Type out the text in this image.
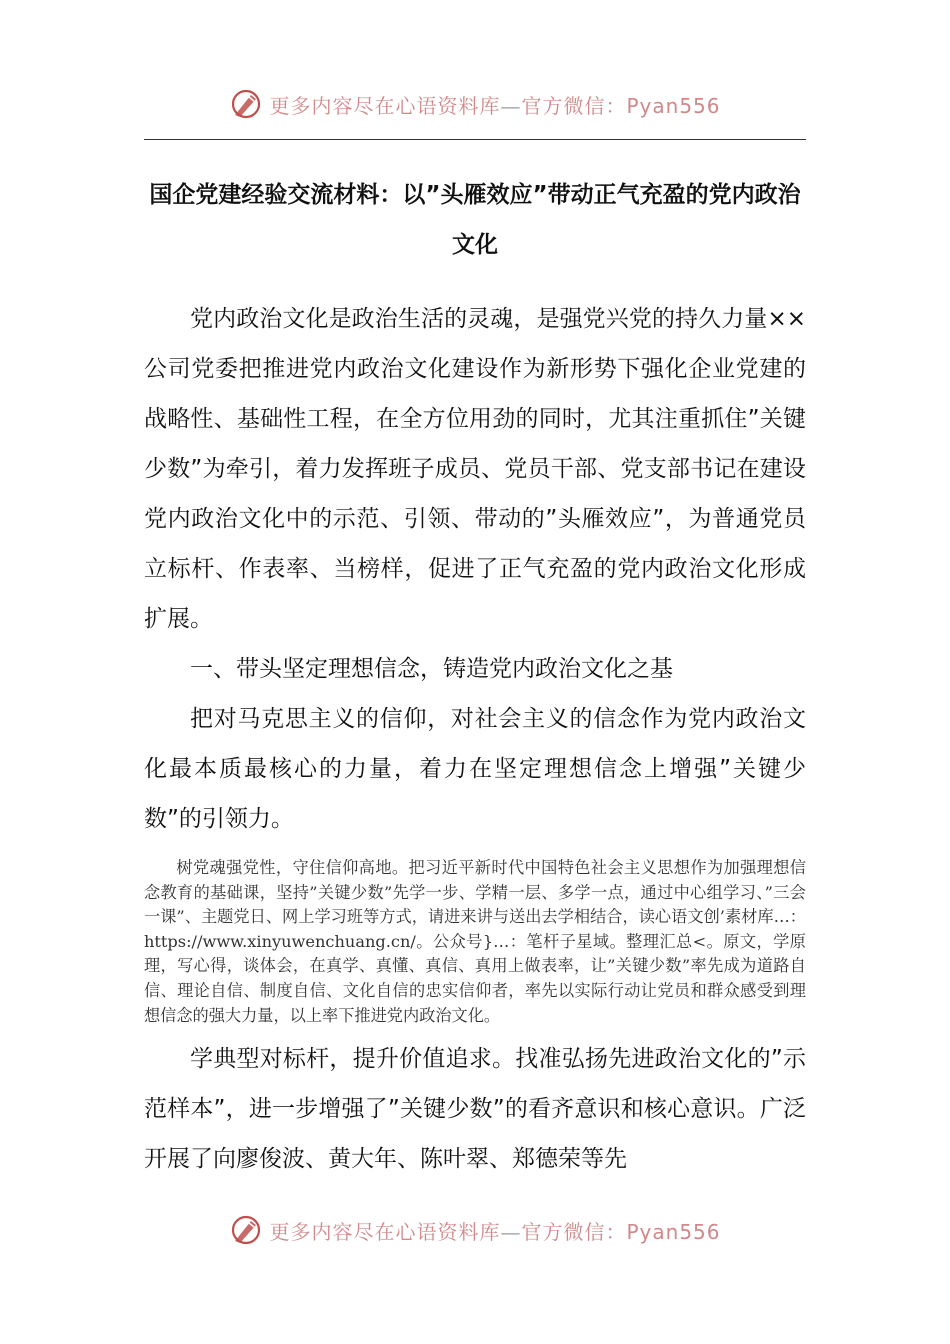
更多内容尽在心语资料库—官方微信：Pyan556
国企党建经验交流材料：以”头雁效应”带动正气充盈的党内政治文化

党内政治文化是政治生活的灵魂，是强党兴党的持久力量××公司党委把推进党内政治文化建设作为新形势下强化企业党建的战略性、基础性工程，在全方位用劲的同时，尤其注重抓住”关键少数”为牵引，着力发挥班子成员、党员干部、党支部书记在建设党内政治文化中的示范、引领、带动的”头雁效应”，为普通党员立标杆、作表率、当榜样，促进了正气充盈的党内政治文化形成扩展。

一、带头坚定理想信念，铸造党内政治文化之基

把对马克思主义的信仰，对社会主义的信念作为党内政治文化最本质最核心的力量，着力在坚定理想信念上增强”关键少数”的引领力。

树党魂强党性，守住信仰高地。把习近平新时代中国特色社会主义思想作为加强理想信念教育的基础课，坚持”关键少数”先学一步、学精一层、多学一点，通过中心组学习、”三会一课”、主题党日、网上学习班等方式，请进来讲与送出去学相结合，读心语文创’素材库…：https://www.xinyuwenchuang.cn/。公众号}…：笔杆子星域。整理汇总<。原文，学原理，写心得，谈体会，在真学、真懂、真信、真用上做表率，让”关键少数”率先成为道路自信、理论自信、制度自信、文化自信的忠实信仰者，率先以实际行动让党员和群众感受到理想信念的强大力量，以上率下推进党内政治文化。

学典型对标杆，提升价值追求。找准弘扬先进政治文化的”示范样本”，进一步增强了”关键少数”的看齐意识和核心意识。广泛开展了向廖俊波、黄大年、陈叶翠、郑德荣等先

更多内容尽在心语资料库—官方微信：Pyan556
